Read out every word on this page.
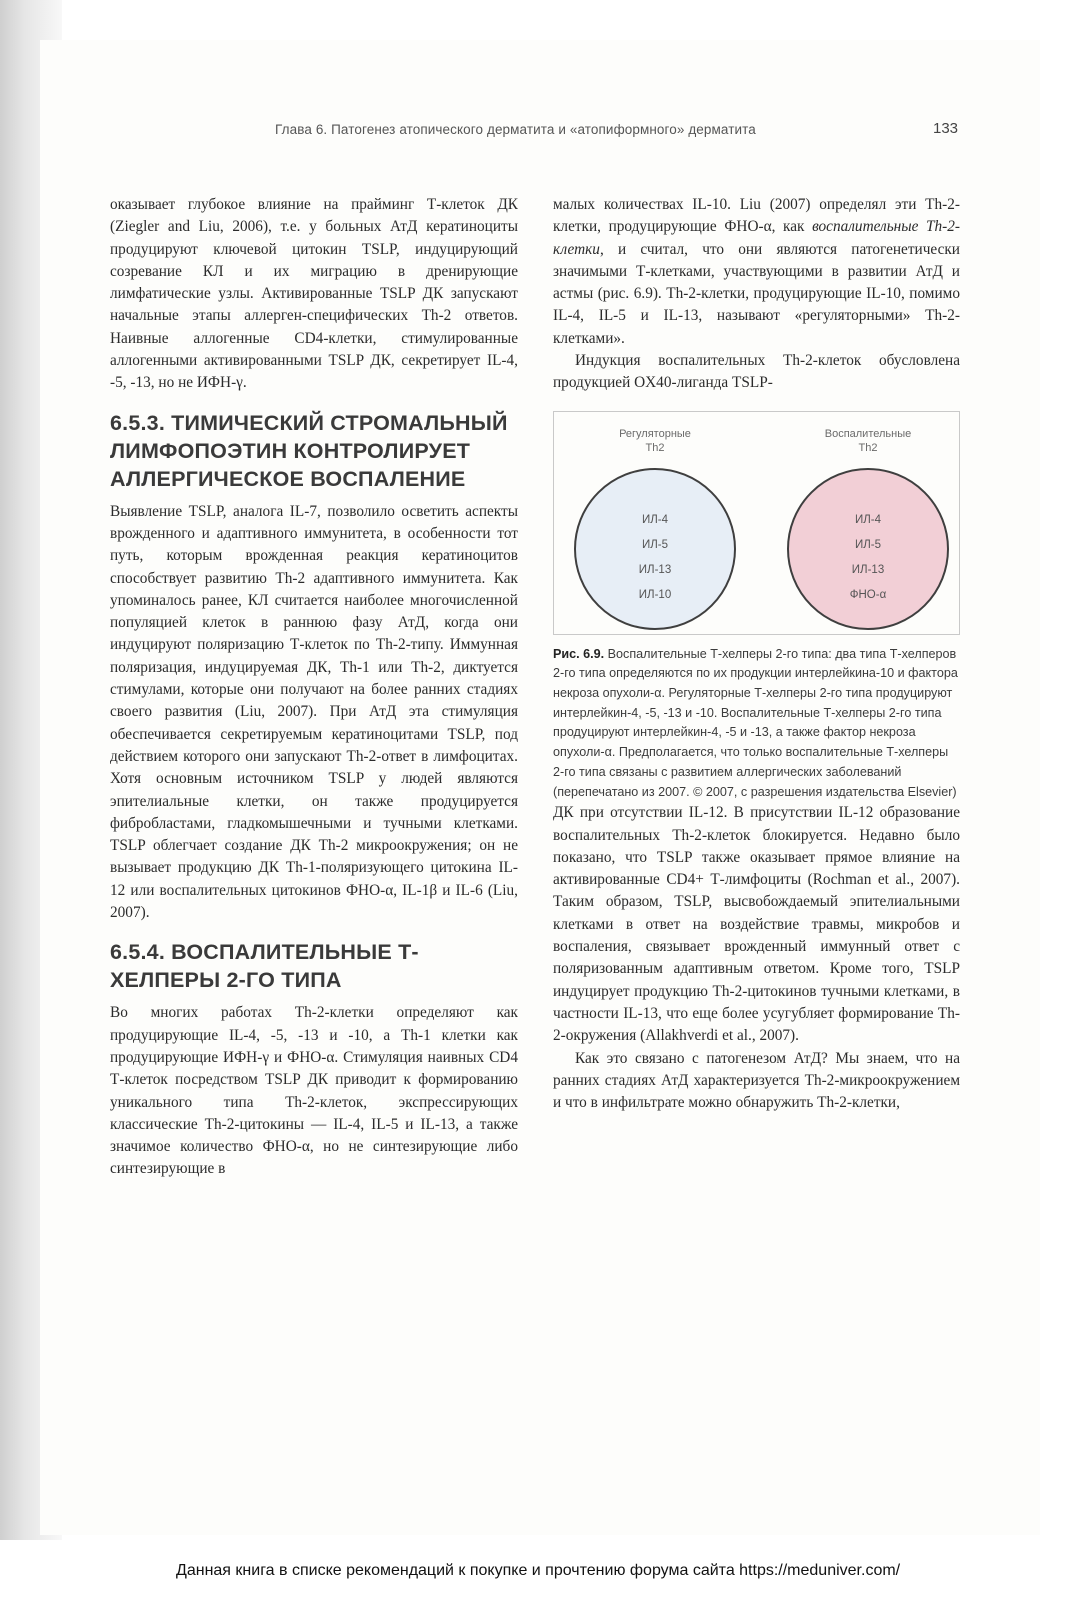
Глава 6. Патогенез атопического дерматита и «атопиформного» дерматита	133

оказывает глубокое влияние на прайминг Т-клеток ДК (Ziegler and Liu, 2006), т.е. у больных АтД кератиноциты продуцируют ключевой цитокин TSLP, индуцирующий созревание КЛ и их миграцию в дренирующие лимфатические узлы. Активированные TSLP ДК запускают начальные этапы аллерген-специфических Th-2 ответов. Наивные аллогенные CD4-клетки, стимулированные аллогенными активированными TSLP ДК, секретирует IL-4, -5, -13, но не ИФН-γ.

6.5.3. ТИМИЧЕСКИЙ СТРОМАЛЬНЫЙ ЛИМФОПОЭТИН КОНТРОЛИРУЕТ АЛЛЕРГИЧЕСКОЕ ВОСПАЛЕНИЕ

Выявление TSLP, аналога IL-7, позволило осветить аспекты врожденного и адаптивного иммунитета, в особенности тот путь, которым врожденная реакция кератиноцитов способствует развитию Th-2 адаптивного иммунитета. Как упоминалось ранее, КЛ считается наиболее многочисленной популяцией клеток в раннюю фазу АтД, когда они индуцируют поляризацию Т-клеток по Th-2-типу. Иммунная поляризация, индуцируемая ДК, Th-1 или Th-2, диктуется стимулами, которые они получают на более ранних стадиях своего развития (Liu, 2007). При АтД эта стимуляция обеспечивается секретируемым кератиноцитами TSLP, под действием которого они запускают Th-2-ответ в лимфоцитах. Хотя основным источником TSLP у людей являются эпителиальные клетки, он также продуцируется фибробластами, гладкомышечными и тучными клетками. TSLP облегчает создание ДК Th-2 микроокружения; он не вызывает продукцию ДК Th-1-поляризующего цитокина IL-12 или воспалительных цитокинов ФНО-α, IL-1β и IL-6 (Liu, 2007).

6.5.4. ВОСПАЛИТЕЛЬНЫЕ Т-ХЕЛПЕРЫ 2-ГО ТИПА

Во многих работах Th-2-клетки определяют как продуцирующие IL-4, -5, -13 и -10, а Th-1 клетки как продуцирующие ИФН-γ и ФНО-α. Стимуляция наивных CD4 Т-клеток посредством TSLP ДК приводит к формированию уникального типа Th-2-клеток, экспрессирующих классические Th-2-цитокины — IL-4, IL-5 и IL-13, а также значимое количество ФНО-α, но не синтезирующие либо синтезирующие в

малых количествах IL-10. Liu (2007) определял эти Th-2-клетки, продуцирующие ФНО-α, как воспалительные Th-2-клетки, и считал, что они являются патогенетически значимыми Т-клетками, участвующими в развитии АтД и астмы (рис. 6.9). Th-2-клетки, продуцирующие IL-10, помимо IL-4, IL-5 и IL-13, называют «регуляторными» Th-2-клетками».

Индукция воспалительных Th-2-клеток обусловлена продукцией OX40-лиганда TSLP-

Регуляторные
Th2
ИЛ-4
ИЛ-5
ИЛ-13
ИЛ-10
Воспалительные
Th2
ИЛ-4
ИЛ-5
ИЛ-13
ФНО-α

Рис. 6.9. Воспалительные Т-хелперы 2-го типа: два типа Т-хелперов 2-го типа определяются по их продукции интерлейкина-10 и фактора некроза опухоли-α. Регуляторные Т-хелперы 2-го типа продуцируют интерлейкин-4, -5, -13 и -10. Воспалительные Т-хелперы 2-го типа продуцируют интерлейкин-4, -5 и -13, а также фактор некроза опухоли-α. Предполагается, что только воспалительные Т-хелперы 2-го типа связаны с развитием аллергических заболеваний (перепечатано из 2007. © 2007, с разрешения издательства Elsevier)

ДК при отсутствии IL-12. В присутствии IL-12 образование воспалительных Th-2-клеток блокируется. Недавно было показано, что TSLP также оказывает прямое влияние на активированные CD4+ Т-лимфоциты (Rochman et al., 2007). Таким образом, TSLP, высвобождаемый эпителиальными клетками в ответ на воздействие травмы, микробов и воспаления, связывает врожденный иммунный ответ с поляризованным адаптивным ответом. Кроме того, TSLP индуцирует продукцию Th-2-цитокинов тучными клетками, в частности IL-13, что еще более усугубляет формирование Th-2-окружения (Allakhverdi et al., 2007).

Как это связано с патогенезом АтД? Мы знаем, что на ранних стадиях АтД характеризуется Th-2-микроокружением и что в инфильтрате можно обнаружить Th-2-клетки,

Данная книга в списке рекомендаций к покупке и прочтению форума сайта https://meduniver.com/
